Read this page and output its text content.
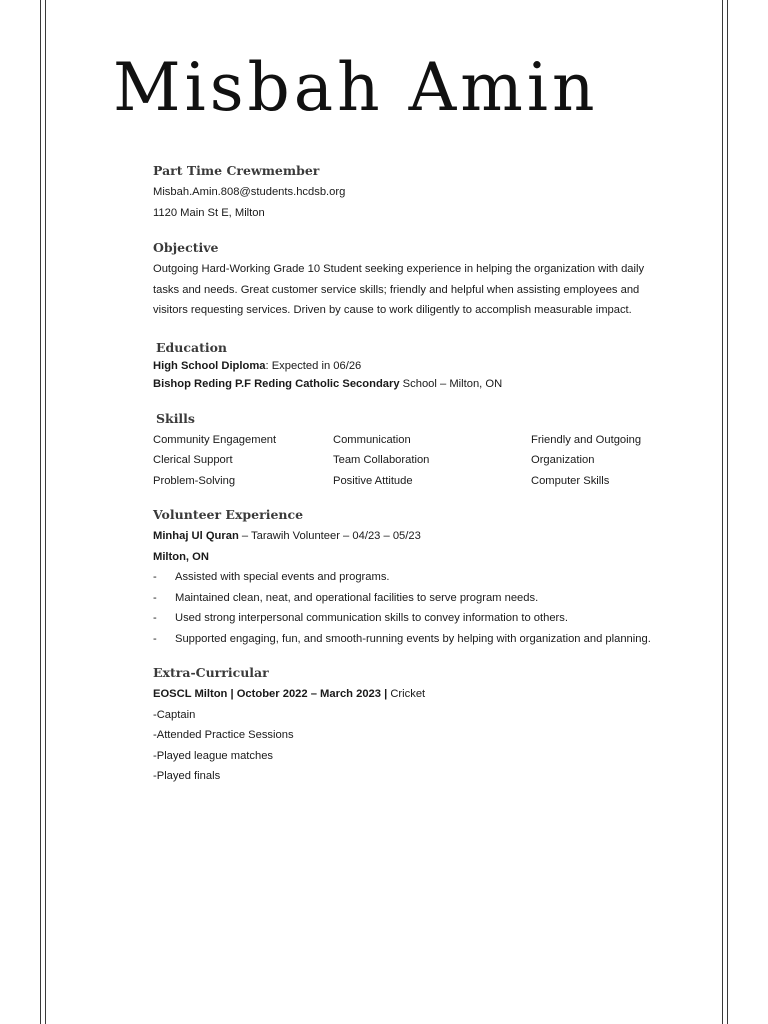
Misbah Amin

Part Time Crewmember

Misbah.Amin.808@students.hcdsb.org

1120 Main St E, Milton

Objective

Outgoing Hard-Working Grade 10 Student seeking experience in helping the organization with daily tasks and needs. Great customer service skills; friendly and helpful when assisting employees and visitors requesting services. Driven by cause to work diligently to accomplish measurable impact.

Education

High School Diploma: Expected in 06/26

Bishop Reding P.F Reding Catholic Secondary School – Milton, ON

Skills

Community Engagement	Communication	Friendly and Outgoing
Clerical Support	Team Collaboration	Organization
Problem-Solving	Positive Attitude	Computer Skills

Volunteer Experience

Minhaj Ul Quran – Tarawih Volunteer – 04/23 – 05/23

Milton, ON

- Assisted with special events and programs.
- Maintained clean, neat, and operational facilities to serve program needs.
- Used strong interpersonal communication skills to convey information to others.
- Supported engaging, fun, and smooth-running events by helping with organization and planning.

Extra-Curricular

EOSCL Milton | October 2022 – March 2023 | Cricket

-Captain

-Attended Practice Sessions

-Played league matches

-Played finals
